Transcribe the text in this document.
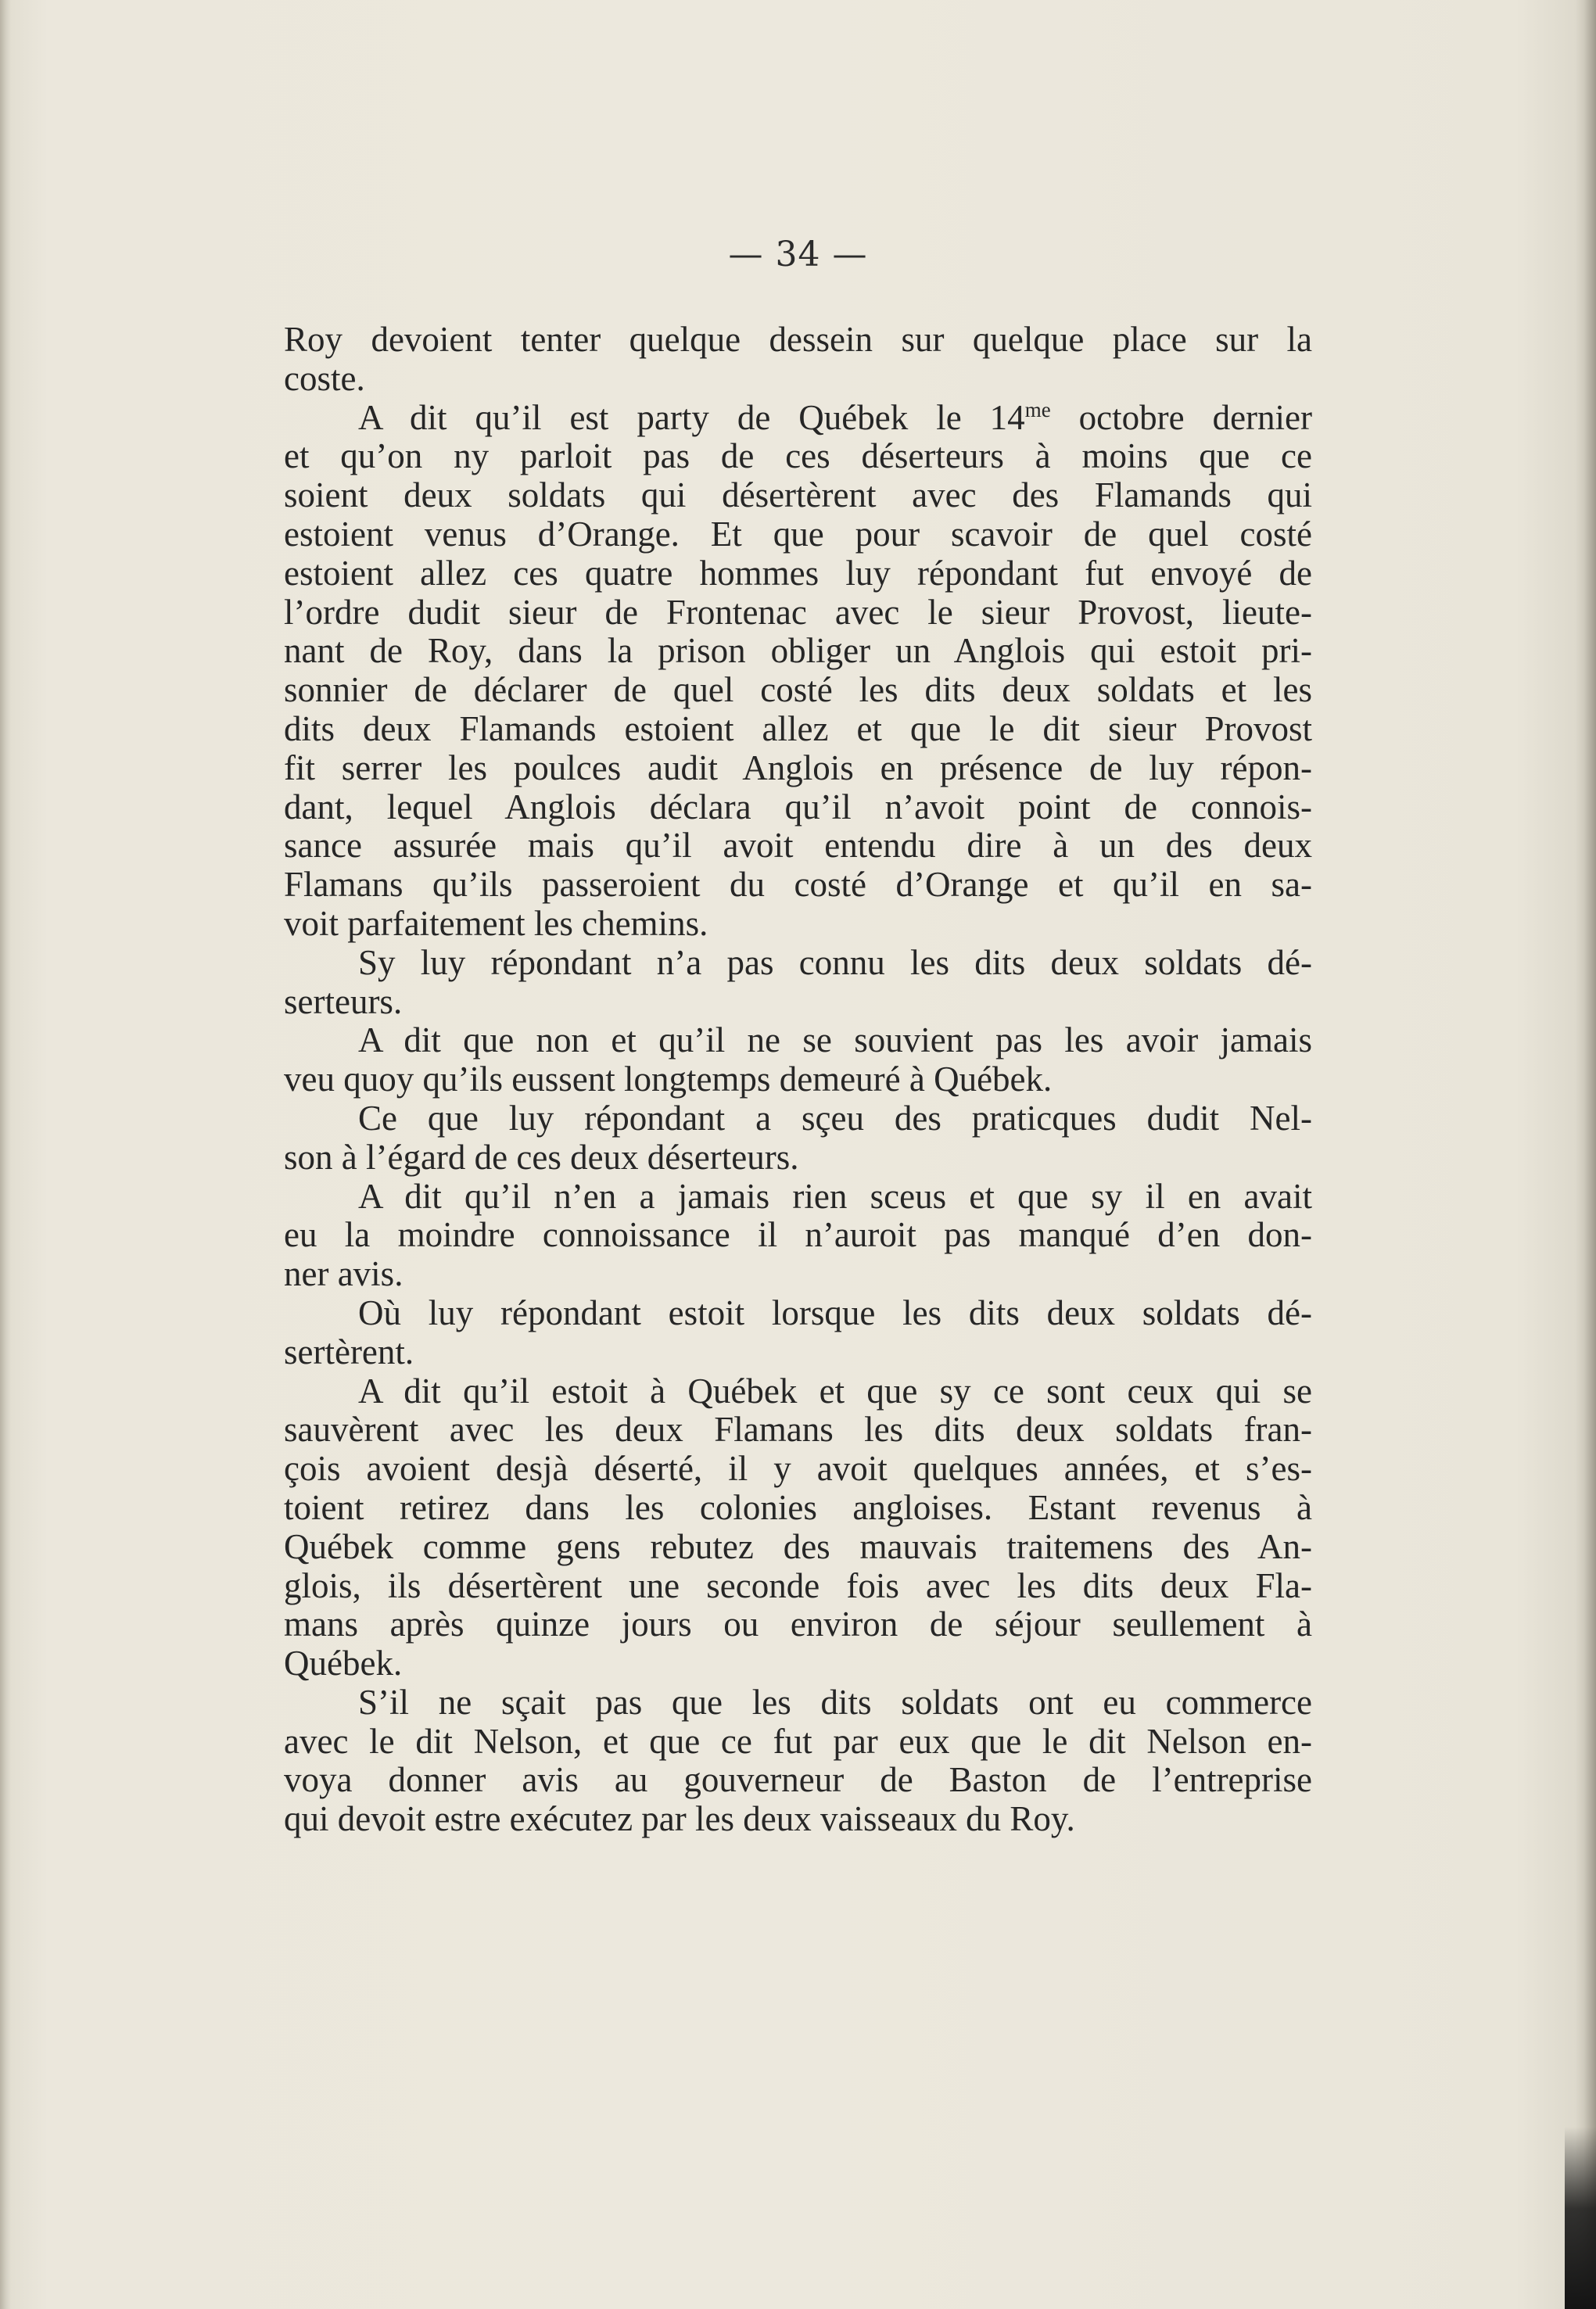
— 34 —
Roy devoient tenter quelque dessein sur quelque place sur la
coste.
A dit qu’il est party de Québek le $14^{me}$ octobre dernier
et qu’on ny parloit pas de ces déserteurs à moins que ce
soient deux soldats qui désertèrent avec des Flamands qui
estoient venus d’Orange. Et que pour scavoir de quel costé
estoient allez ces quatre hommes luy répondant fut envoyé de
l’ordre dudit sieur de Frontenac avec le sieur Provost, lieute-
nant de Roy, dans la prison obliger un Anglois qui estoit pri-
sonnier de déclarer de quel costé les dits deux soldats et les
dits deux Flamands estoient allez et que le dit sieur Provost
fit serrer les poulces audit Anglois en présence de luy répon-
dant, lequel Anglois déclara qu’il n’avoit point de connois-
sance assurée mais qu’il avoit entendu dire à un des deux
Flamans qu’ils passeroient du costé d’Orange et qu’il en sa-
voit parfaitement les chemins.
Sy luy répondant n’a pas connu les dits deux soldats dé-
serteurs.
A dit que non et qu’il ne se souvient pas les avoir jamais
veu quoy qu’ils eussent longtemps demeuré à Québek.
Ce que luy répondant a sçeu des praticques dudit Nel-
son à l’égard de ces deux déserteurs.
A dit qu’il n’en a jamais rien sceus et que sy il en avait
eu la moindre connoissance il n’auroit pas manqué d’en don-
ner avis.
Où luy répondant estoit lorsque les dits deux soldats dé-
sertèrent.
A dit qu’il estoit à Québek et que sy ce sont ceux qui se
sauvèrent avec les deux Flamans les dits deux soldats fran-
çois avoient desjà déserté, il y avoit quelques années, et s’es-
toient retirez dans les colonies angloises. Estant revenus à
Québek comme gens rebutez des mauvais traitemens des An-
glois, ils désertèrent une seconde fois avec les dits deux Fla-
mans après quinze jours ou environ de séjour seullement à
Québek.
S’il ne sçait pas que les dits soldats ont eu commerce
avec le dit Nelson, et que ce fut par eux que le dit Nelson en-
voya donner avis au gouverneur de Baston de l’entreprise
qui devoit estre exécutez par les deux vaisseaux du Roy.
